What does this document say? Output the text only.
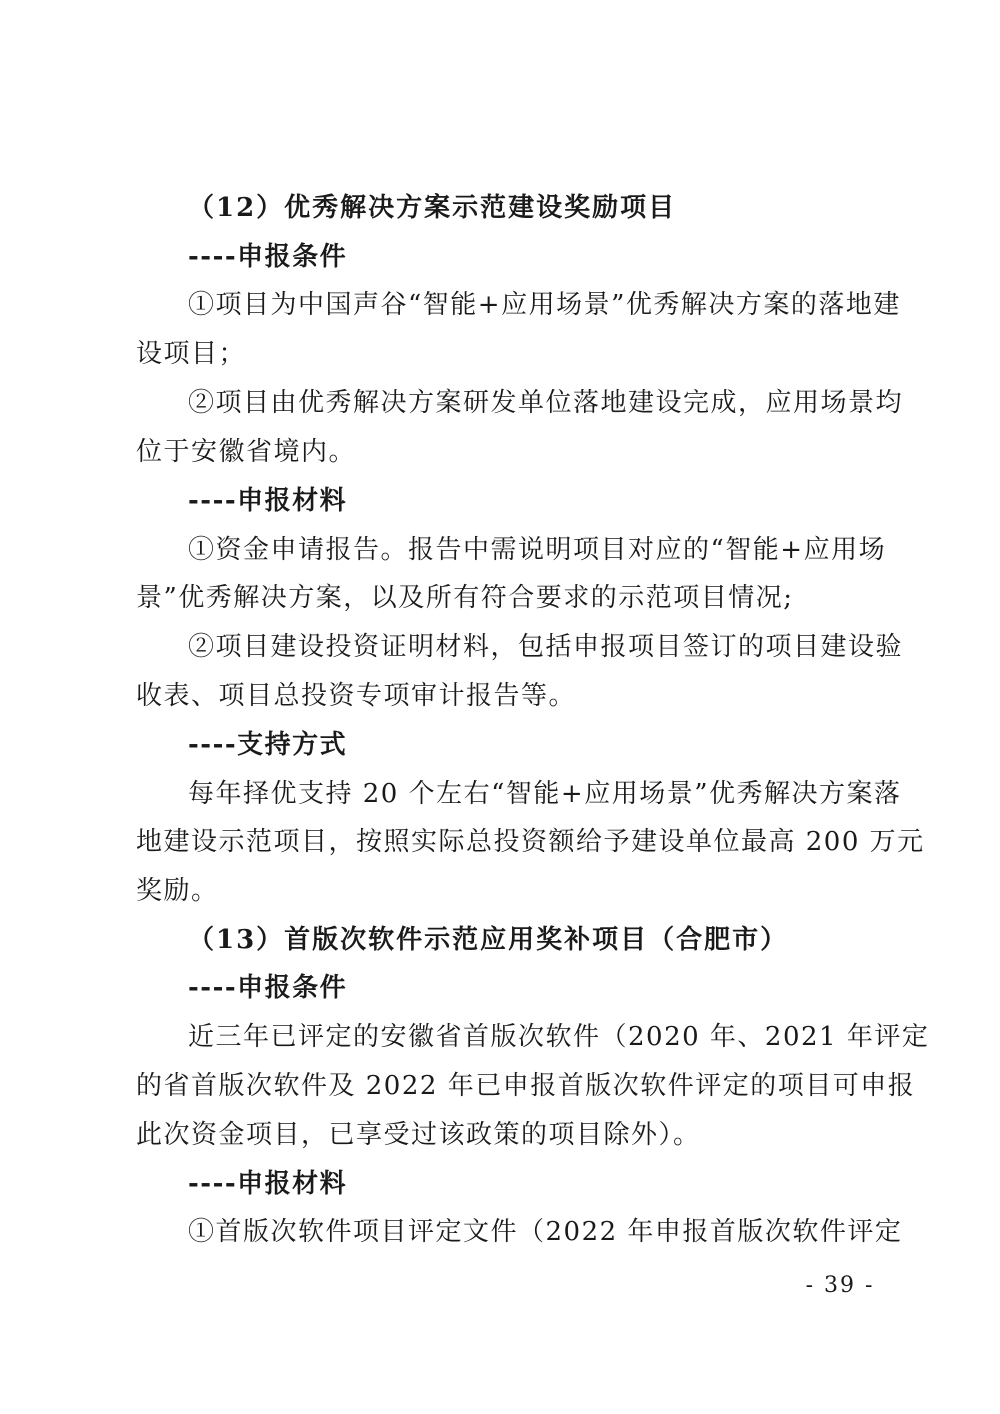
（12）优秀解决方案示范建设奖励项目
----申报条件
①项目为中国声谷“智能+应用场景”优秀解决方案的落地建
设项目；
②项目由优秀解决方案研发单位落地建设完成，应用场景均
位于安徽省境内。
----申报材料
①资金申请报告。报告中需说明项目对应的“智能+应用场
景”优秀解决方案，以及所有符合要求的示范项目情况;
②项目建设投资证明材料，包括申报项目签订的项目建设验
收表、项目总投资专项审计报告等。
----支持方式
每年择优支持 20 个左右“智能+应用场景”优秀解决方案落
地建设示范项目，按照实际总投资额给予建设单位最高 200 万元
奖励。
（13）首版次软件示范应用奖补项目（合肥市）
----申报条件
近三年已评定的安徽省首版次软件（2020 年、2021 年评定
的省首版次软件及 2022 年已申报首版次软件评定的项目可申报
此次资金项目，已享受过该政策的项目除外）。
----申报材料
①首版次软件项目评定文件（2022 年申报首版次软件评定
- 39 -
